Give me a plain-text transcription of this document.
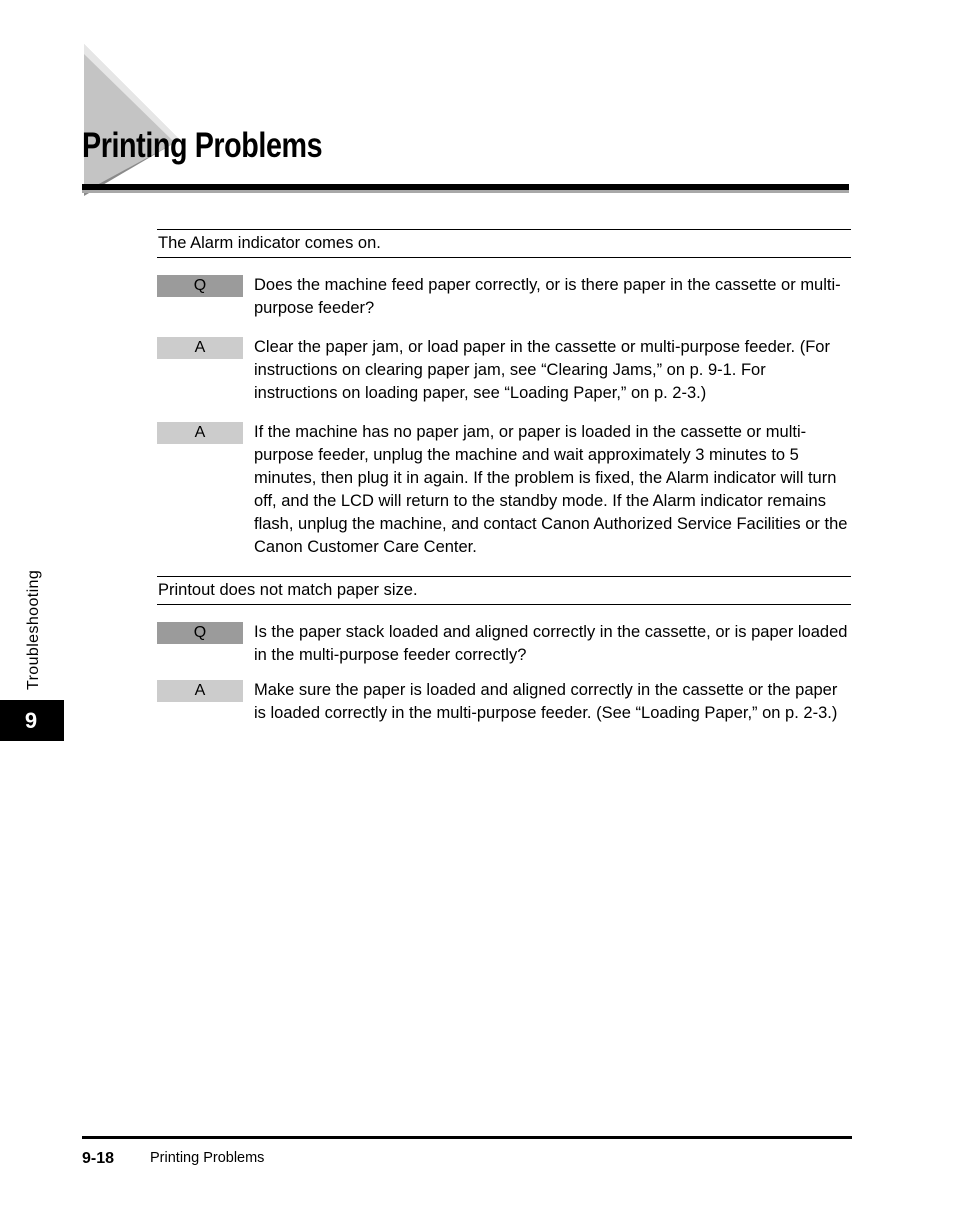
Printing Problems
The Alarm indicator comes on.
Q	Does the machine feed paper correctly, or is there paper in the cassette or multi-purpose feeder?
A	Clear the paper jam, or load paper in the cassette or multi-purpose feeder. (For instructions on clearing paper jam, see “Clearing Jams,” on p. 9-1. For instructions on loading paper, see “Loading Paper,” on p. 2-3.)
A	If the machine has no paper jam, or paper is loaded in the cassette or multi-purpose feeder, unplug the machine and wait approximately 3 minutes to 5 minutes, then plug it in again. If the problem is fixed, the Alarm indicator will turn off, and the LCD will return to the standby mode. If the Alarm indicator remains flash, unplug the machine, and contact Canon Authorized Service Facilities or the Canon Customer Care Center.
Printout does not match paper size.
Q	Is the paper stack loaded and aligned correctly in the cassette, or is paper loaded in the multi-purpose feeder correctly?
A	Make sure the paper is loaded and aligned correctly in the cassette or the paper is loaded correctly in the multi-purpose feeder. (See “Loading Paper,” on p. 2-3.)
Troubleshooting
9
9-18 Printing Problems
